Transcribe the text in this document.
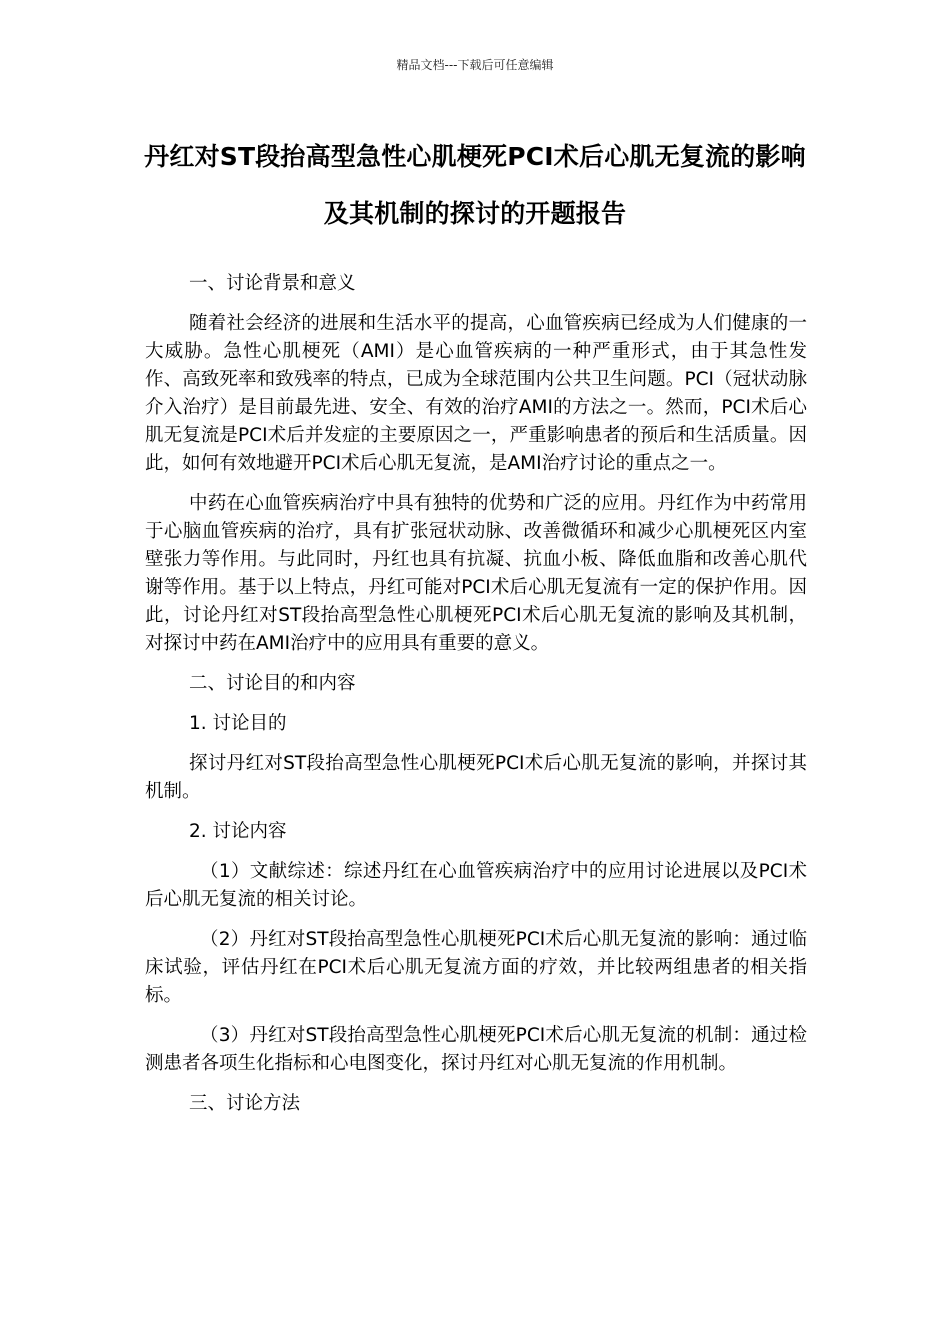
精品文档---下载后可任意编辑
丹红对ST段抬高型急性心肌梗死PCI术后心肌无复流的影响及其机制的探讨的开题报告

一、讨论背景和意义

随着社会经济的进展和生活水平的提高，心血管疾病已经成为人们健康的一大威胁。急性心肌梗死（AMI）是心血管疾病的一种严重形式，由于其急性发作、高致死率和致残率的特点，已成为全球范围内公共卫生问题。PCI（冠状动脉介入治疗）是目前最先进、安全、有效的治疗AMI的方法之一。然而，PCI术后心肌无复流是PCI术后并发症的主要原因之一，严重影响患者的预后和生活质量。因此，如何有效地避开PCI术后心肌无复流，是AMI治疗讨论的重点之一。

中药在心血管疾病治疗中具有独特的优势和广泛的应用。丹红作为中药常用于心脑血管疾病的治疗，具有扩张冠状动脉、改善微循环和减少心肌梗死区内室壁张力等作用。与此同时，丹红也具有抗凝、抗血小板、降低血脂和改善心肌代谢等作用。基于以上特点，丹红可能对PCI术后心肌无复流有一定的保护作用。因此，讨论丹红对ST段抬高型急性心肌梗死PCI术后心肌无复流的影响及其机制，对探讨中药在AMI治疗中的应用具有重要的意义。

二、讨论目的和内容

1. 讨论目的

探讨丹红对ST段抬高型急性心肌梗死PCI术后心肌无复流的影响，并探讨其机制。

2. 讨论内容

（1）文献综述：综述丹红在心血管疾病治疗中的应用讨论进展以及PCI术后心肌无复流的相关讨论。

（2）丹红对ST段抬高型急性心肌梗死PCI术后心肌无复流的影响：通过临床试验，评估丹红在PCI术后心肌无复流方面的疗效，并比较两组患者的相关指标。

（3）丹红对ST段抬高型急性心肌梗死PCI术后心肌无复流的机制：通过检测患者各项生化指标和心电图变化，探讨丹红对心肌无复流的作用机制。

三、讨论方法
